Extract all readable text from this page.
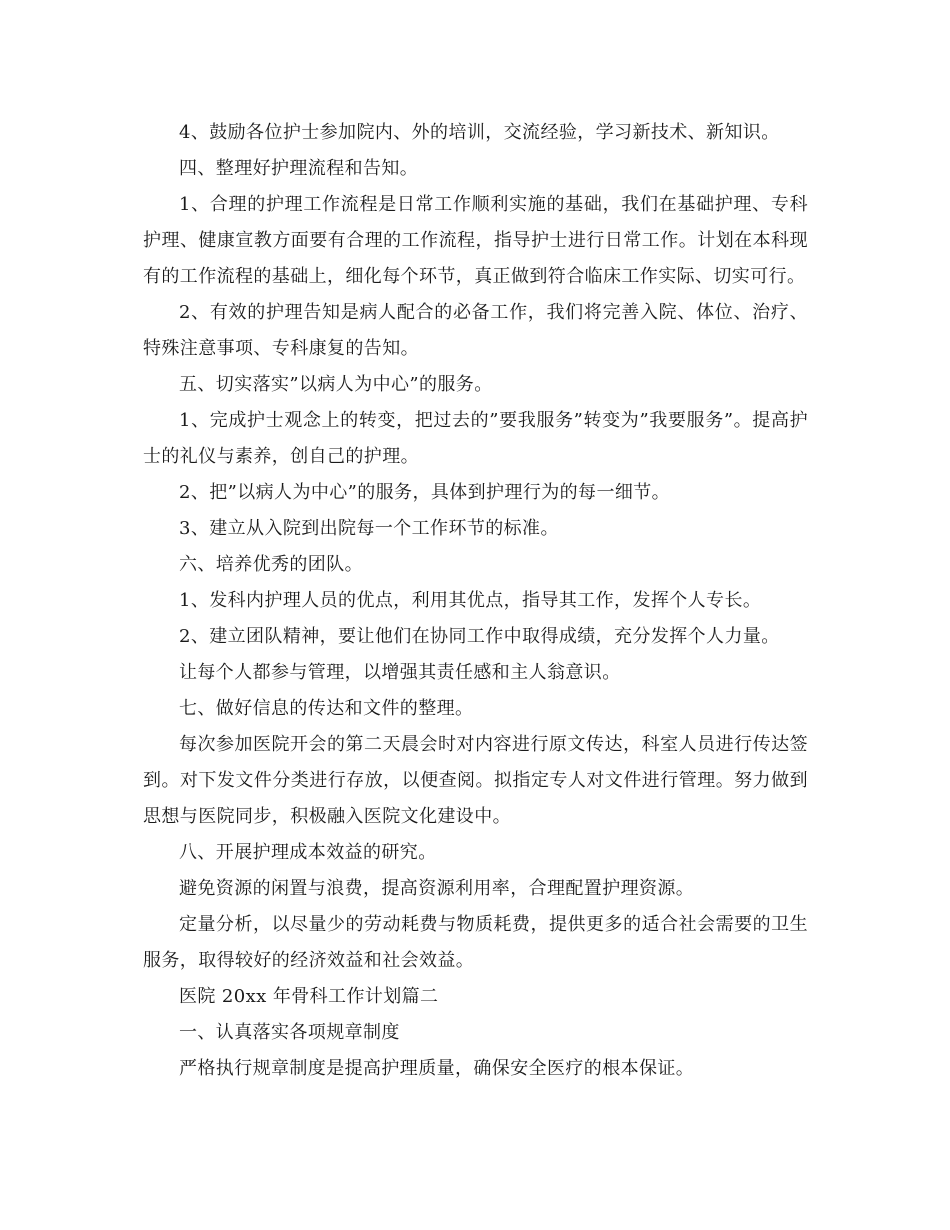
4、鼓励各位护士参加院内、外的培训，交流经验，学习新技术、新知识。

四、整理好护理流程和告知。

1、合理的护理工作流程是日常工作顺利实施的基础，我们在基础护理、专科护理、健康宣教方面要有合理的工作流程，指导护士进行日常工作。计划在本科现有的工作流程的基础上，细化每个环节，真正做到符合临床工作实际、切实可行。

2、有效的护理告知是病人配合的必备工作，我们将完善入院、体位、治疗、特殊注意事项、专科康复的告知。

五、切实落实”以病人为中心”的服务。

1、完成护士观念上的转变，把过去的”要我服务”转变为”我要服务”。提高护士的礼仪与素养，创自己的护理。

2、把”以病人为中心”的服务，具体到护理行为的每一细节。

3、建立从入院到出院每一个工作环节的标准。

六、培养优秀的团队。

1、发科内护理人员的优点，利用其优点，指导其工作，发挥个人专长。

2、建立团队精神，要让他们在协同工作中取得成绩，充分发挥个人力量。

让每个人都参与管理，以增强其责任感和主人翁意识。

七、做好信息的传达和文件的整理。

每次参加医院开会的第二天晨会时对内容进行原文传达，科室人员进行传达签到。对下发文件分类进行存放，以便查阅。拟指定专人对文件进行管理。努力做到思想与医院同步，积极融入医院文化建设中。

八、开展护理成本效益的研究。

避免资源的闲置与浪费，提高资源利用率，合理配置护理资源。

定量分析，以尽量少的劳动耗费与物质耗费，提供更多的适合社会需要的卫生服务，取得较好的经济效益和社会效益。

医院 20xx 年骨科工作计划篇二

一、认真落实各项规章制度

严格执行规章制度是提高护理质量，确保安全医疗的根本保证。
